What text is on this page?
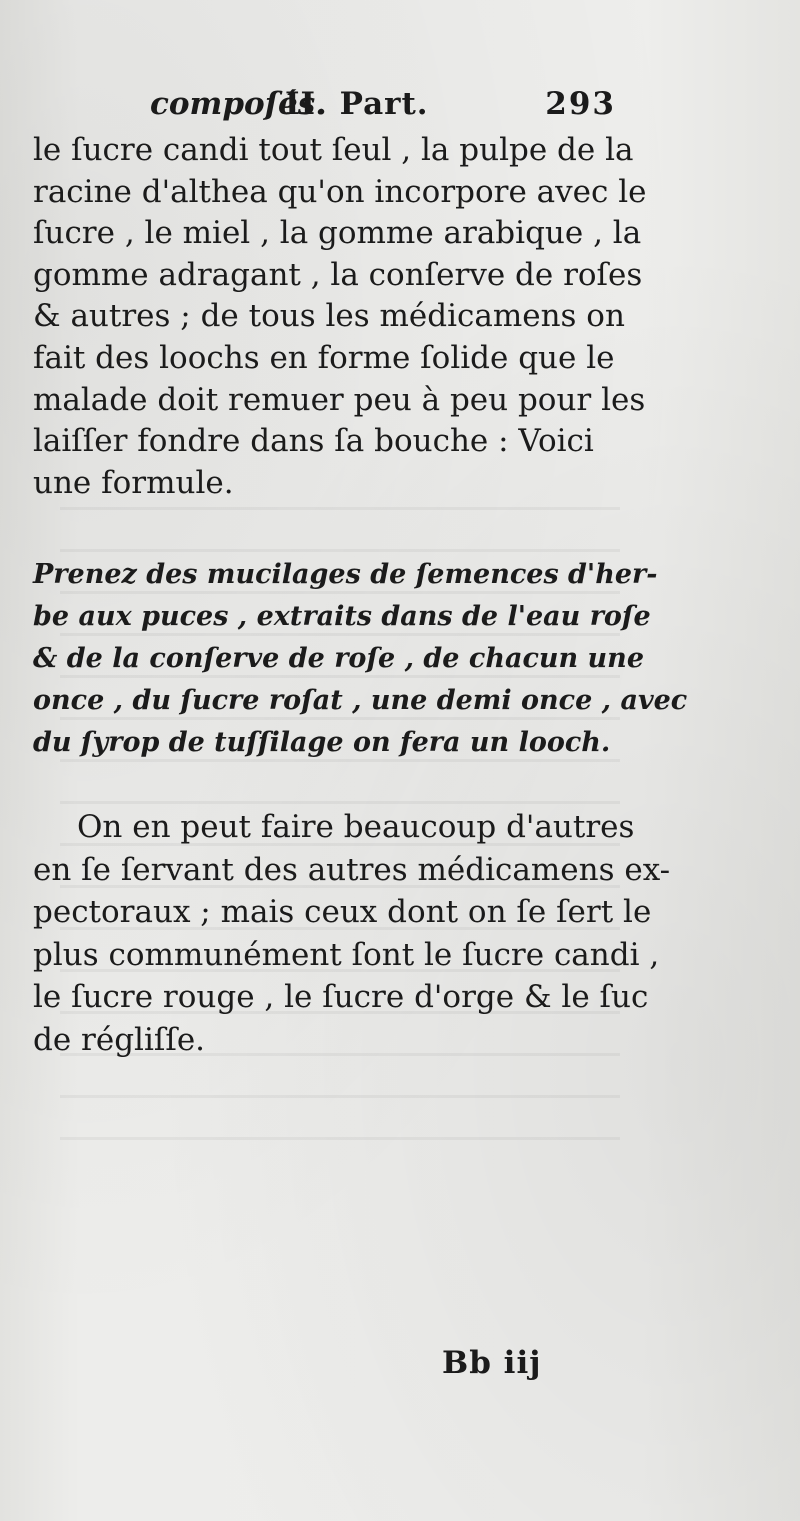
compoſés.
II. Part.	293
le ſucre candi tout ſeul , la pulpe de la
racine d'althea qu'on incorpore avec le
ſucre , le miel , la gomme arabique , la
gomme adragant , la conſerve de roſes
& autres ; de tous les médicamens on
fait des loochs en forme ſolide que le
malade doit remuer peu à peu pour les
laiſſer fondre dans ſa bouche : Voici
une formule.
Prenez des mucilages de ſemences d'her-
be aux puces , extraits dans de l'eau roſe
& de la conſerve de roſe , de chacun une
once , du ſucre roſat , une demi once , avec
du ſyrop de tuſſilage on fera un looch.
On en peut faire beaucoup d'autres
en ſe ſervant des autres médicamens ex-
pectoraux ; mais ceux dont on ſe ſert le
plus communément ſont le ſucre candi ,
le ſucre rouge , le ſucre d'orge & le ſuc
de régliſſe.
Bb iij
